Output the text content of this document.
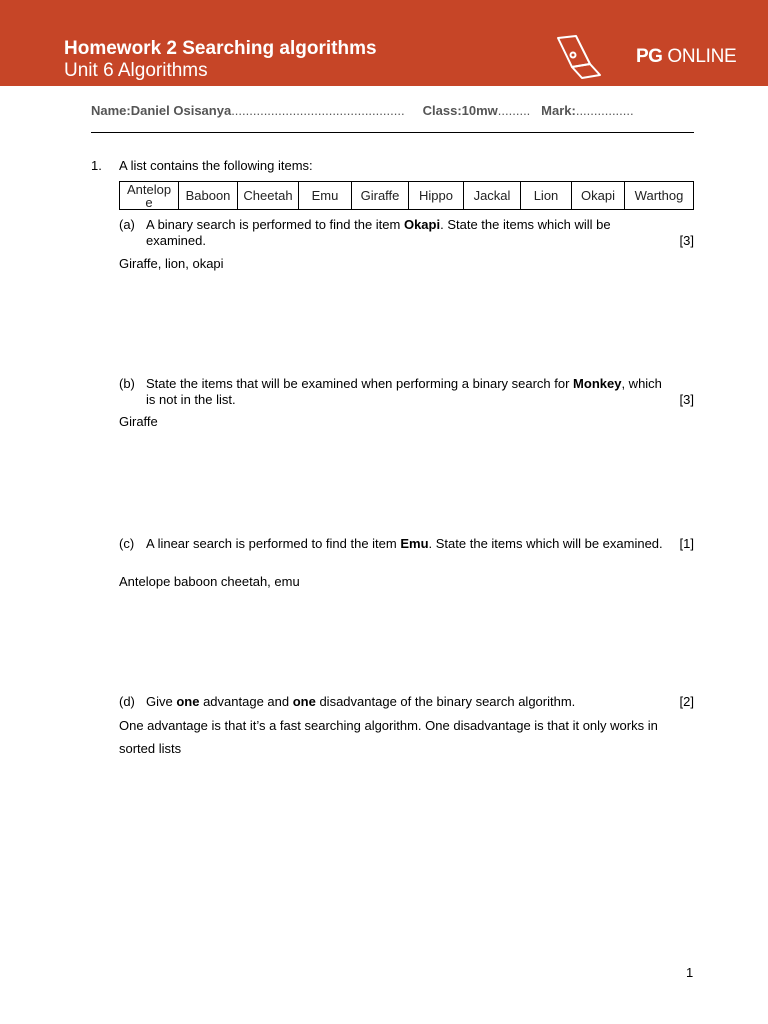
Homework 2 Searching algorithms
Unit 6 Algorithms
PG ONLINE
Name:Daniel Osisanya................................................ Class:10mw......... Mark:................
1. A list contains the following items:
Antelop
e	Baboon	Cheetah	Emu	Giraffe	Hippo	Jackal	Lion	Okapi	Warthog
(a) A binary search is performed to find the item Okapi. State the items which will be examined.	[3]
Giraffe, lion, okapi
(b) State the items that will be examined when performing a binary search for Monkey, which is not in the list.	[3]
Giraffe
(c) A linear search is performed to find the item Emu. State the items which will be examined. [1]
Antelope baboon cheetah, emu
(d) Give one advantage and one disadvantage of the binary search algorithm.	[2]
One advantage is that it’s a fast searching algorithm. One disadvantage is that it only works in sorted lists
1
